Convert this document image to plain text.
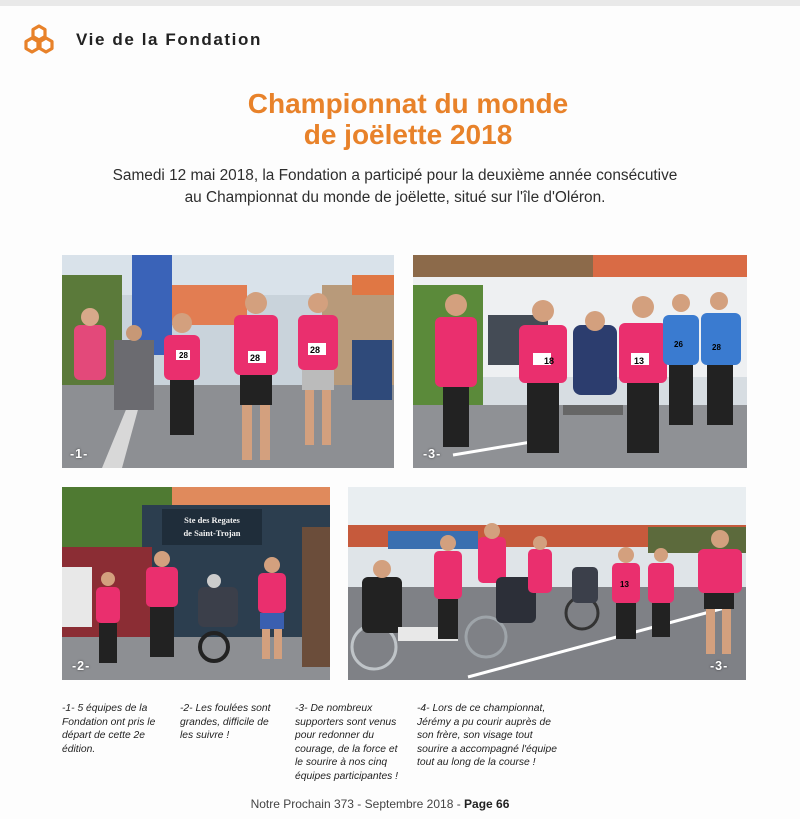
Vie de la Fondation
Championnat du monde
de joëlette 2018
Samedi 12 mai 2018, la Fondation a participé pour la deuxième année consécutive
au Championnat du monde de joëlette, situé sur l'île d'Oléron.
28	28
28
-1-
18	13
26	28
-3-
Ste des Regates
de Saint-Trojan
-2-
13
-3-
-1- 5 équipes de la Fondation ont pris le départ de cette 2e édition.
-2- Les foulées sont grandes, difficile de les suivre !
-3- De nombreux supporters sont venus pour redonner du courage, de la force et le sourire à nos cinq équipes participantes !
-4- Lors de ce championnat, Jérémy a pu courir auprès de son frère, son visage tout sourire a accompagné l'équipe tout au long de la course !
Notre Prochain 373 - Septembre 2018 - Page 66
